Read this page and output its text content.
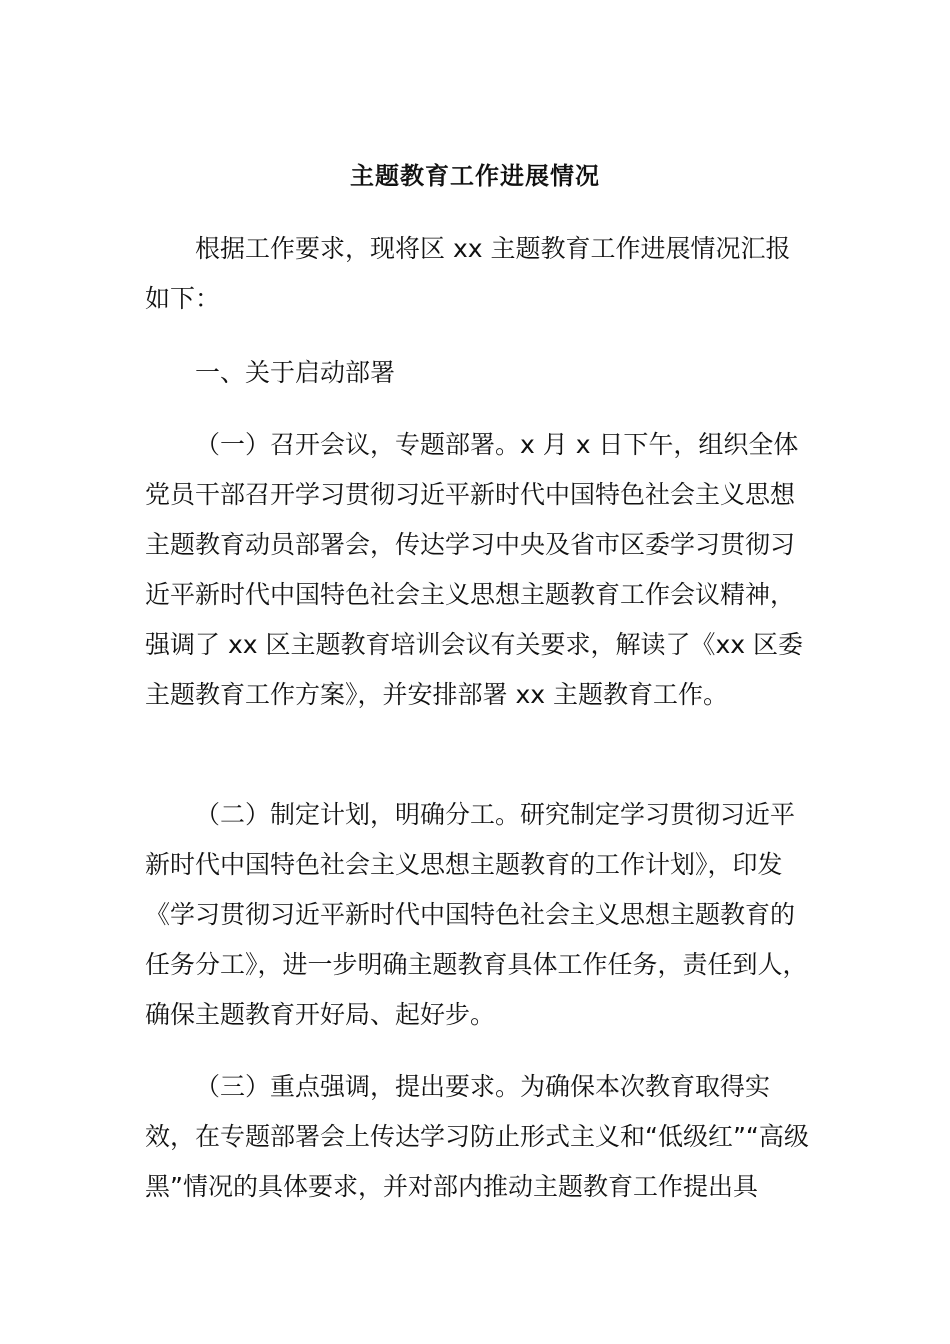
主题教育工作进展情况
根据工作要求，现将区 xx 主题教育工作进展情况汇报如下：
一、关于启动部署
（一）召开会议，专题部署。x 月 x 日下午，组织全体党员干部召开学习贯彻习近平新时代中国特色社会主义思想主题教育动员部署会，传达学习中央及省市区委学习贯彻习近平新时代中国特色社会主义思想主题教育工作会议精神，强调了 xx 区主题教育培训会议有关要求，解读了《xx 区委主题教育工作方案》，并安排部署 xx 主题教育工作。
（二）制定计划，明确分工。研究制定学习贯彻习近平新时代中国特色社会主义思想主题教育的工作计划》，印发《学习贯彻习近平新时代中国特色社会主义思想主题教育的任务分工》，进一步明确主题教育具体工作任务，责任到人，确保主题教育开好局、起好步。
（三）重点强调，提出要求。为确保本次教育取得实效，在专题部署会上传达学习防止形式主义和“低级红”“高级黑”情况的具体要求，并对部内推动主题教育工作提出具
